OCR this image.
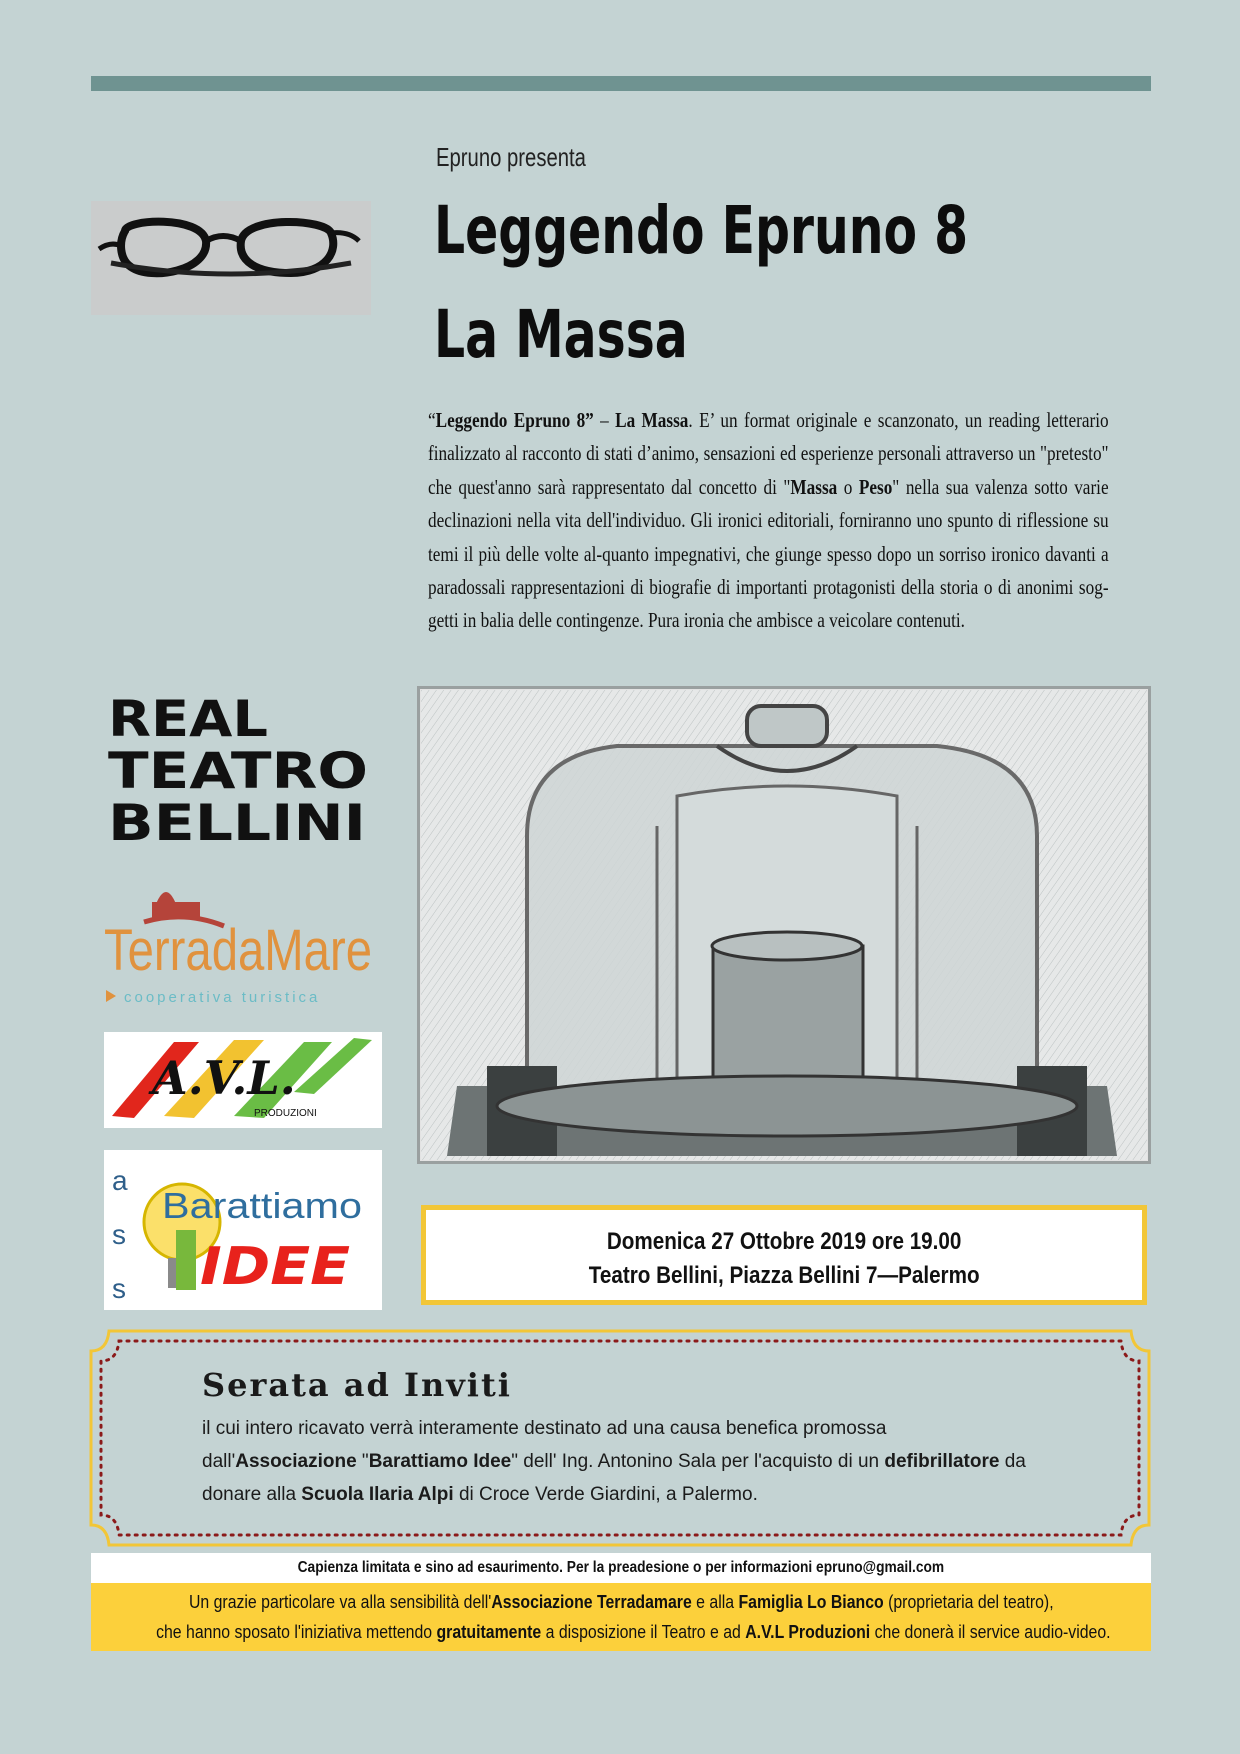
Epruno presenta
Leggendo Epruno 8
La Massa
“Leggendo Epruno 8” – La Massa. E’ un format originale e scanzonato, un reading letterario finalizzato al racconto di stati d’animo, sensazioni ed esperienze personali attraverso un "pretesto" che quest'anno sarà rappresentato dal concetto di "Massa o Peso" nella sua valenza sotto varie declinazioni nella vita dell'individuo. Gli ironici editoriali, forniranno uno spunto di riflessione su temi il più delle volte al-quanto impegnativi, che giunge spesso dopo un sorriso ironico davanti a paradossali rappresentazioni di biografie di importanti protagonisti della storia o di anonimi sog-getti in balia delle contingenze. Pura ironia che ambisce a veicolare contenuti.
REAL
TEATRO
BELLINI
TerradaMare
cooperativa turistica
A.V.L.
PRODUZIONI
a
s
s
Barattiamo
IDEE	Domenica 27 Ottobre 2019 ore 19.00
Teatro Bellini, Piazza Bellini 7—Palermo
Serata ad Inviti
il cui intero ricavato verrà interamente destinato ad una causa benefica promossa dall'Associazione "Barattiamo Idee" dell' Ing. Antonino Sala per l'acquisto di un defibrillatore da donare alla Scuola Ilaria Alpi di Croce Verde Giardini, a Palermo.
Capienza limitata e sino ad esaurimento. Per la preadesione o per informazioni epruno@gmail.com
Un grazie particolare va alla sensibilità dell'Associazione Terradamare e alla Famiglia Lo Bianco (proprietaria del teatro),
che hanno sposato l'iniziativa mettendo gratuitamente a disposizione il Teatro e ad A.V.L Produzioni che donerà il service audio-video.
